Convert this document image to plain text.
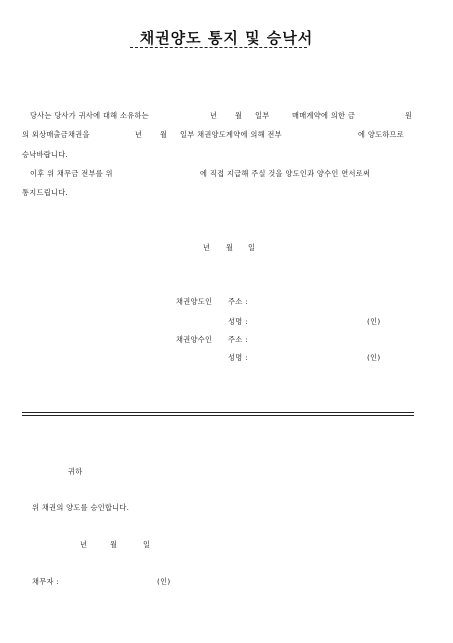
채권양도 통지 및 승낙서
당사는 당사가 귀사에 대해 소유하는	년 월 일부	매매계약에 의한 금	원
의 외상매출금채권을	년 월 일부 채권양도계약에 의해 전부	에 양도하므로
승낙바랍니다.
이후 위 채무금 전부를 위	에 직접 지급해 주실 것을 양도인과 양수인 연서로써
통지드립니다.
년 월 일
채권양도인 주소 :
성명 :	(인)
채권양수인 주소 :
성명 :	(인)
귀하
위 채권의 양도를 승인합니다.
년	월	일
채무자 :	(인)
